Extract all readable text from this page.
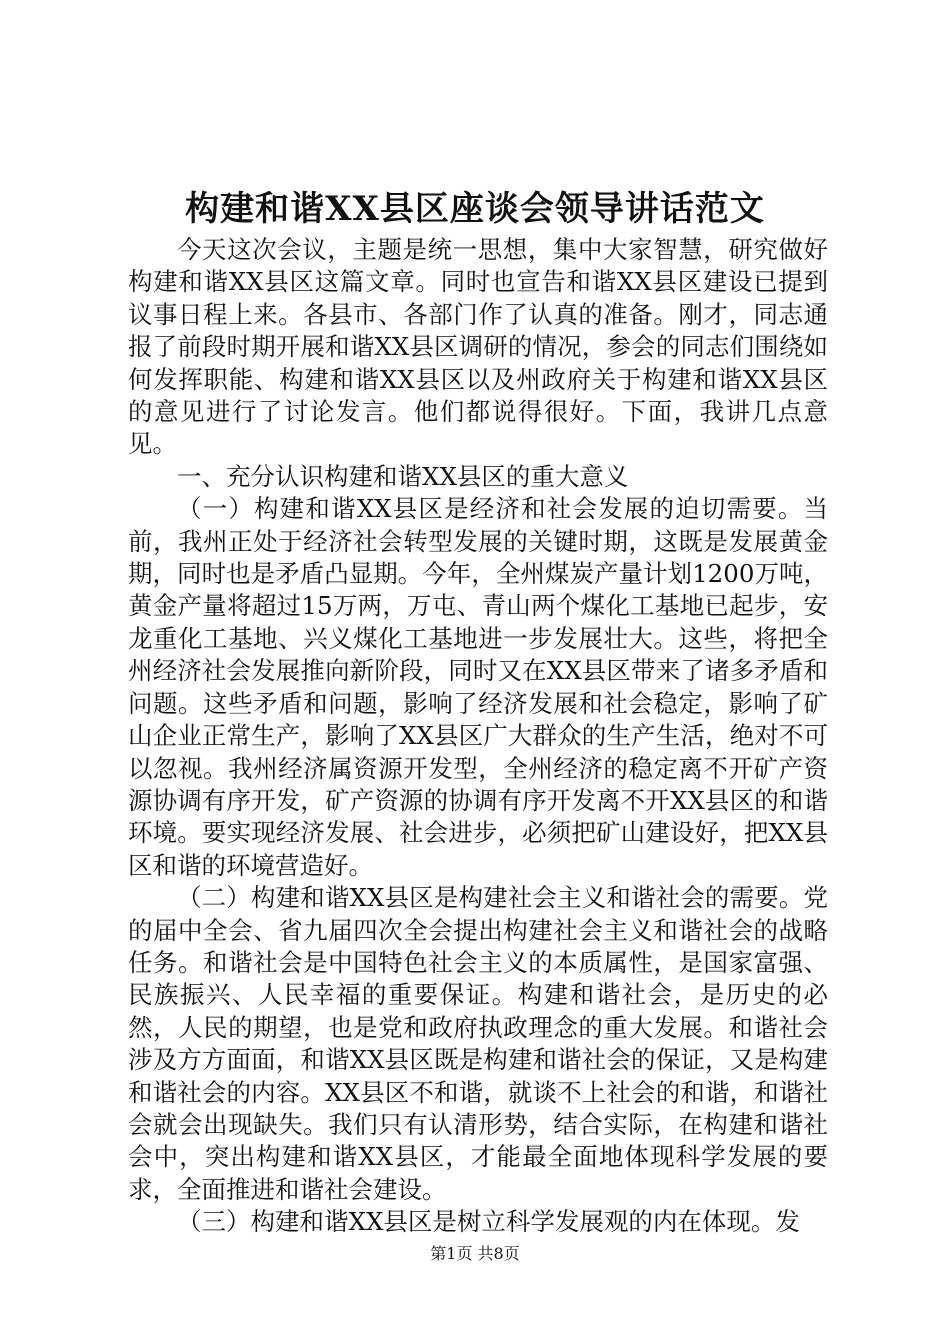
构建和谐XX县区座谈会领导讲话范文

今天这次会议，主题是统一思想，集中大家智慧，研究做好构建和谐XX县区这篇文章。同时也宣告和谐XX县区建设已提到议事日程上来。各县市、各部门作了认真的准备。刚才，同志通报了前段时期开展和谐XX县区调研的情况，参会的同志们围绕如何发挥职能、构建和谐XX县区以及州政府关于构建和谐XX县区的意见进行了讨论发言。他们都说得很好。下面，我讲几点意见。

一、充分认识构建和谐XX县区的重大意义

（一）构建和谐XX县区是经济和社会发展的迫切需要。当前，我州正处于经济社会转型发展的关键时期，这既是发展黄金期，同时也是矛盾凸显期。今年，全州煤炭产量计划1200万吨，黄金产量将超过15万两，万屯、青山两个煤化工基地已起步，安龙重化工基地、兴义煤化工基地进一步发展壮大。这些，将把全州经济社会发展推向新阶段，同时又在XX县区带来了诸多矛盾和问题。这些矛盾和问题，影响了经济发展和社会稳定，影响了矿山企业正常生产，影响了XX县区广大群众的生产生活，绝对不可以忽视。我州经济属资源开发型，全州经济的稳定离不开矿产资源协调有序开发，矿产资源的协调有序开发离不开XX县区的和谐环境。要实现经济发展、社会进步，必须把矿山建设好，把XX县区和谐的环境营造好。

（二）构建和谐XX县区是构建社会主义和谐社会的需要。党的届中全会、省九届四次全会提出构建社会主义和谐社会的战略任务。和谐社会是中国特色社会主义的本质属性，是国家富强、民族振兴、人民幸福的重要保证。构建和谐社会，是历史的必然，人民的期望，也是党和政府执政理念的重大发展。和谐社会涉及方方面面，和谐XX县区既是构建和谐社会的保证，又是构建和谐社会的内容。XX县区不和谐，就谈不上社会的和谐，和谐社会就会出现缺失。我们只有认清形势，结合实际，在构建和谐社会中，突出构建和谐XX县区，才能最全面地体现科学发展的要求，全面推进和谐社会建设。

（三）构建和谐XX县区是树立科学发展观的内在体现。发

第1页 共8页
